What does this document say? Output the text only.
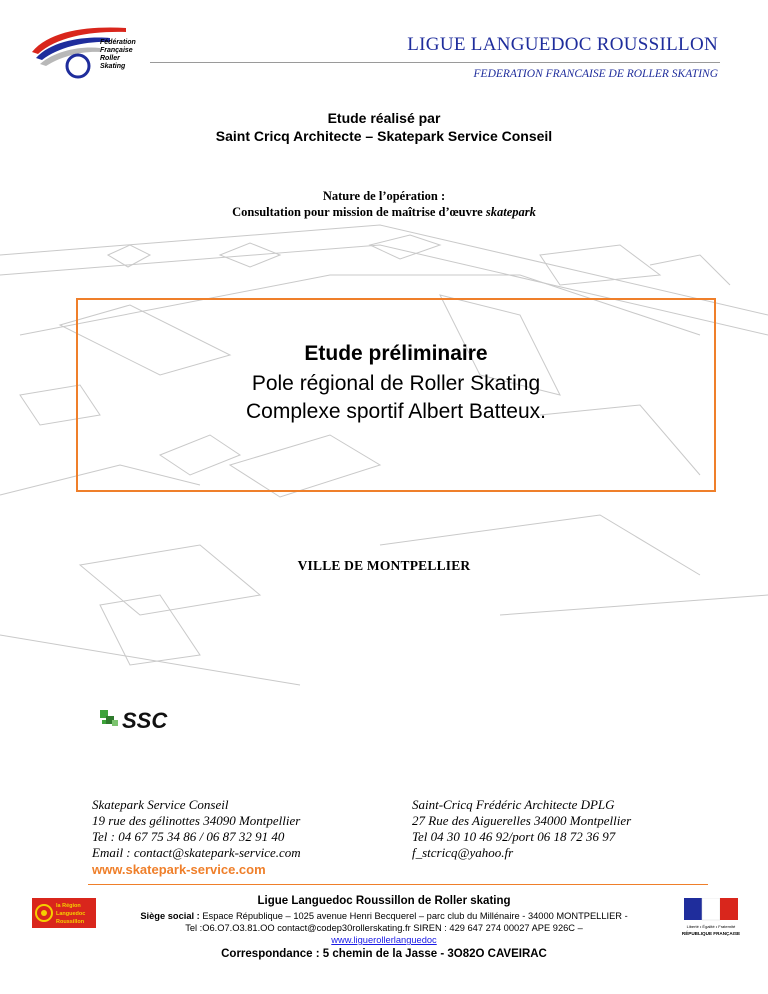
Fédération
Française
Roller
Skating
LIGUE LANGUEDOC ROUSSILLON
FEDERATION FRANCAISE DE ROLLER SKATING
Etude réalisé par
Saint Cricq Architecte – Skatepark Service Conseil
Nature de l’opération :
Consultation pour mission de maîtrise d’œuvre skatepark
Etude préliminaire
Pole régional de Roller Skating
Complexe sportif Albert Batteux.
VILLE DE MONTPELLIER
SSC
Skatepark Service Conseil
19 rue des gélinottes 34090 Montpellier
Tel : 04 67 75 34 86 / 06 87 32 91 40
Email : contact@skatepark-service.com
www.skatepark-service.com
Saint-Cricq Frédéric Architecte DPLG
27 Rue des Aiguerelles 34000 Montpellier
Tel 04 30 10 46 92/port 06 18 72 36 97
f_stcricq@yahoo.fr
la Région
Languedoc
Roussillon
Liberté • Égalité • Fraternité
RÉPUBLIQUE FRANÇAISE
Ligue Languedoc Roussillon de Roller skating
Siège social : Espace République – 1025 avenue Henri Becquerel – parc club du Millénaire - 34000 MONTPELLIER -
Tel :O6.O7.O3.81.OO contact@codep30rollerskating.fr SIREN : 429 647 274 00027 APE 926C –
www.liguerollerlanguedoc
Correspondance : 5 chemin de la Jasse - 3O82O CAVEIRAC
